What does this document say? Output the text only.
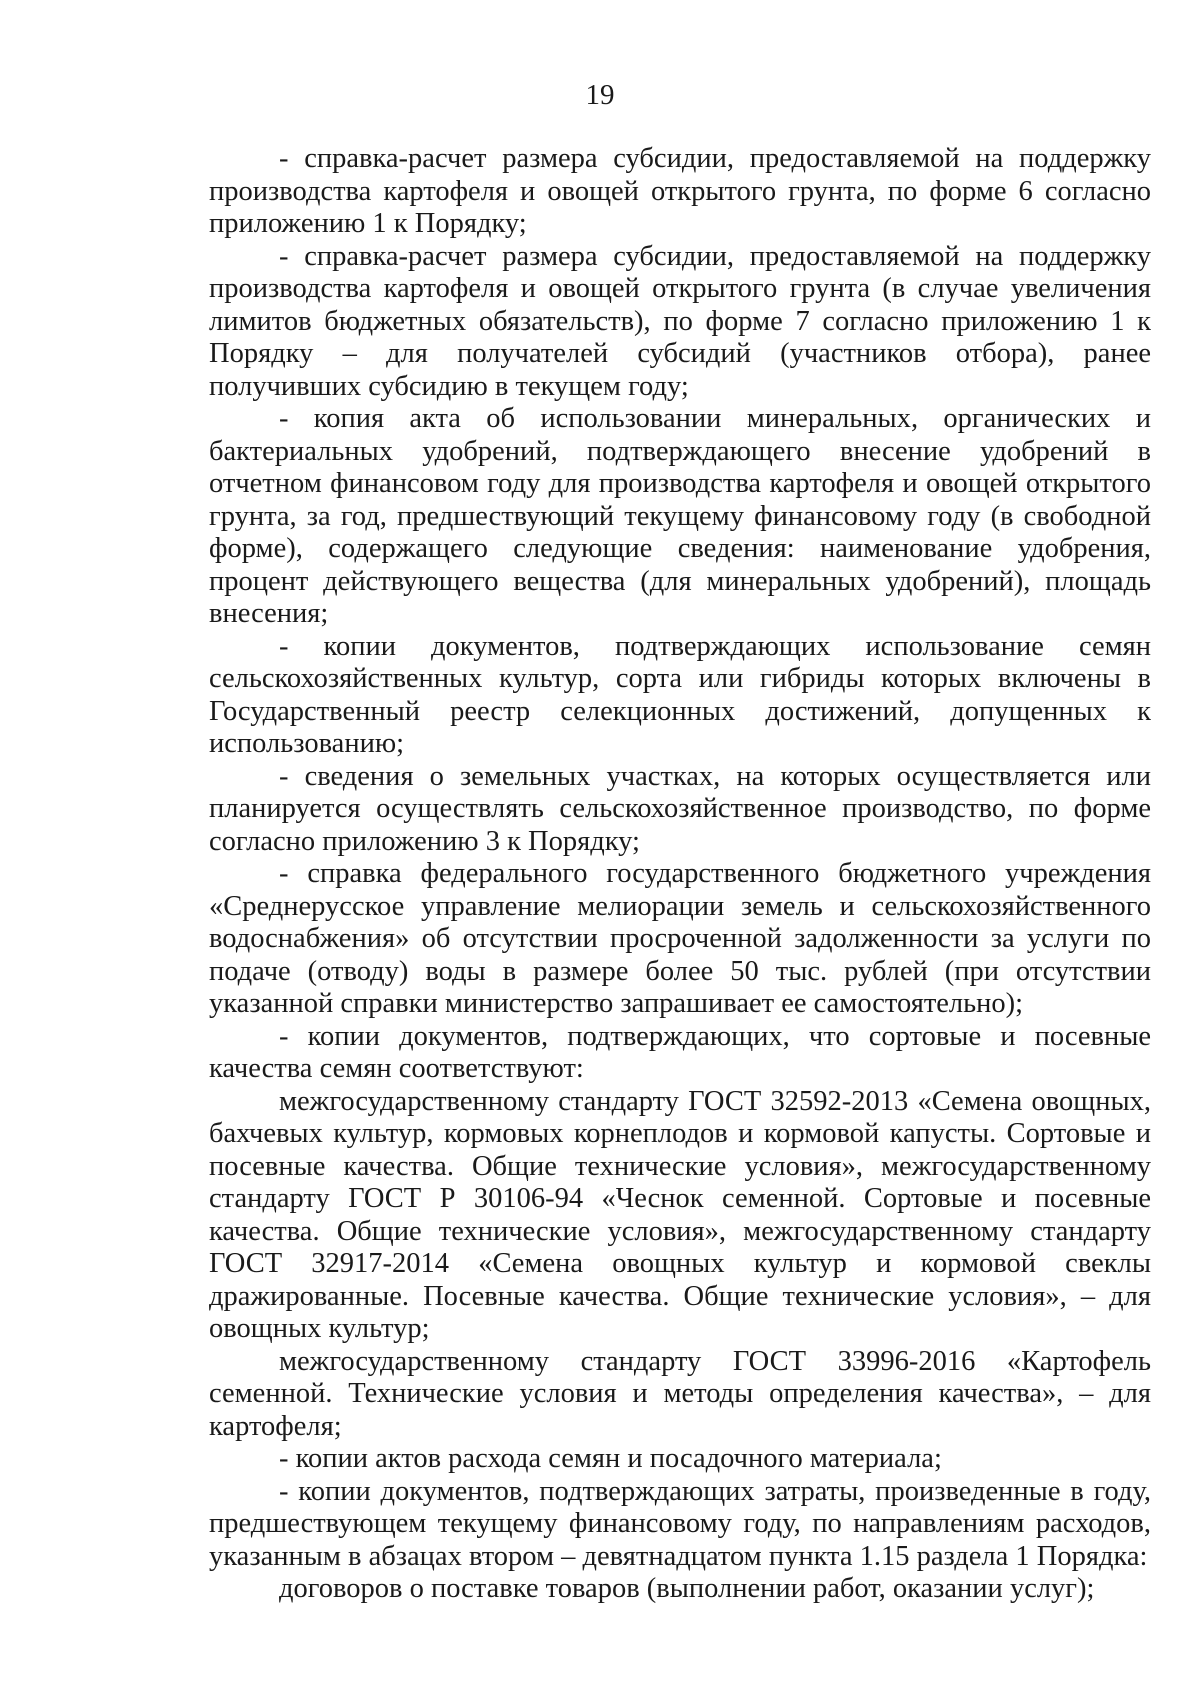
19

- справка-расчет размера субсидии, предоставляемой на поддержку производства картофеля и овощей открытого грунта, по форме 6 согласно приложению 1 к Порядку;

- справка-расчет размера субсидии, предоставляемой на поддержку производства картофеля и овощей открытого грунта (в случае увеличения лимитов бюджетных обязательств), по форме 7 согласно приложению 1 к Порядку – для получателей субсидий (участников отбора), ранее получивших субсидию в текущем году;

- копия акта об использовании минеральных, органических и бактериальных удобрений, подтверждающего внесение удобрений в отчетном финансовом году для производства картофеля и овощей открытого грунта, за год, предшествующий текущему финансовому году (в свободной форме), содержащего следующие сведения: наименование удобрения, процент действующего вещества (для минеральных удобрений), площадь внесения;

- копии документов, подтверждающих использование семян сельскохозяйственных культур, сорта или гибриды которых включены в Государственный реестр селекционных достижений, допущенных к использованию;

- сведения о земельных участках, на которых осуществляется или планируется осуществлять сельскохозяйственное производство, по форме согласно приложению 3 к Порядку;

- справка федерального государственного бюджетного учреждения «Среднерусское управление мелиорации земель и сельскохозяйственного водоснабжения» об отсутствии просроченной задолженности за услуги по подаче (отводу) воды в размере более 50 тыс. рублей (при отсутствии указанной справки министерство запрашивает ее самостоятельно);

- копии документов, подтверждающих, что сортовые и посевные качества семян соответствуют:

межгосударственному стандарту ГОСТ 32592-2013 «Семена овощных, бахчевых культур, кормовых корнеплодов и кормовой капусты. Сортовые и посевные качества. Общие технические условия», межгосударственному стандарту ГОСТ Р 30106-94 «Чеснок семенной. Сортовые и посевные качества. Общие технические условия», межгосударственному стандарту ГОСТ 32917-2014 «Семена овощных культур и кормовой свеклы дражированные. Посевные качества. Общие технические условия», – для овощных культур;

межгосударственному стандарту ГОСТ 33996-2016 «Картофель семенной. Технические условия и методы определения качества», – для картофеля;

- копии актов расхода семян и посадочного материала;

- копии документов, подтверждающих затраты, произведенные в году, предшествующем текущему финансовому году, по направлениям расходов, указанным в абзацах втором – девятнадцатом пункта 1.15 раздела 1 Порядка:

договоров о поставке товаров (выполнении работ, оказании услуг);
